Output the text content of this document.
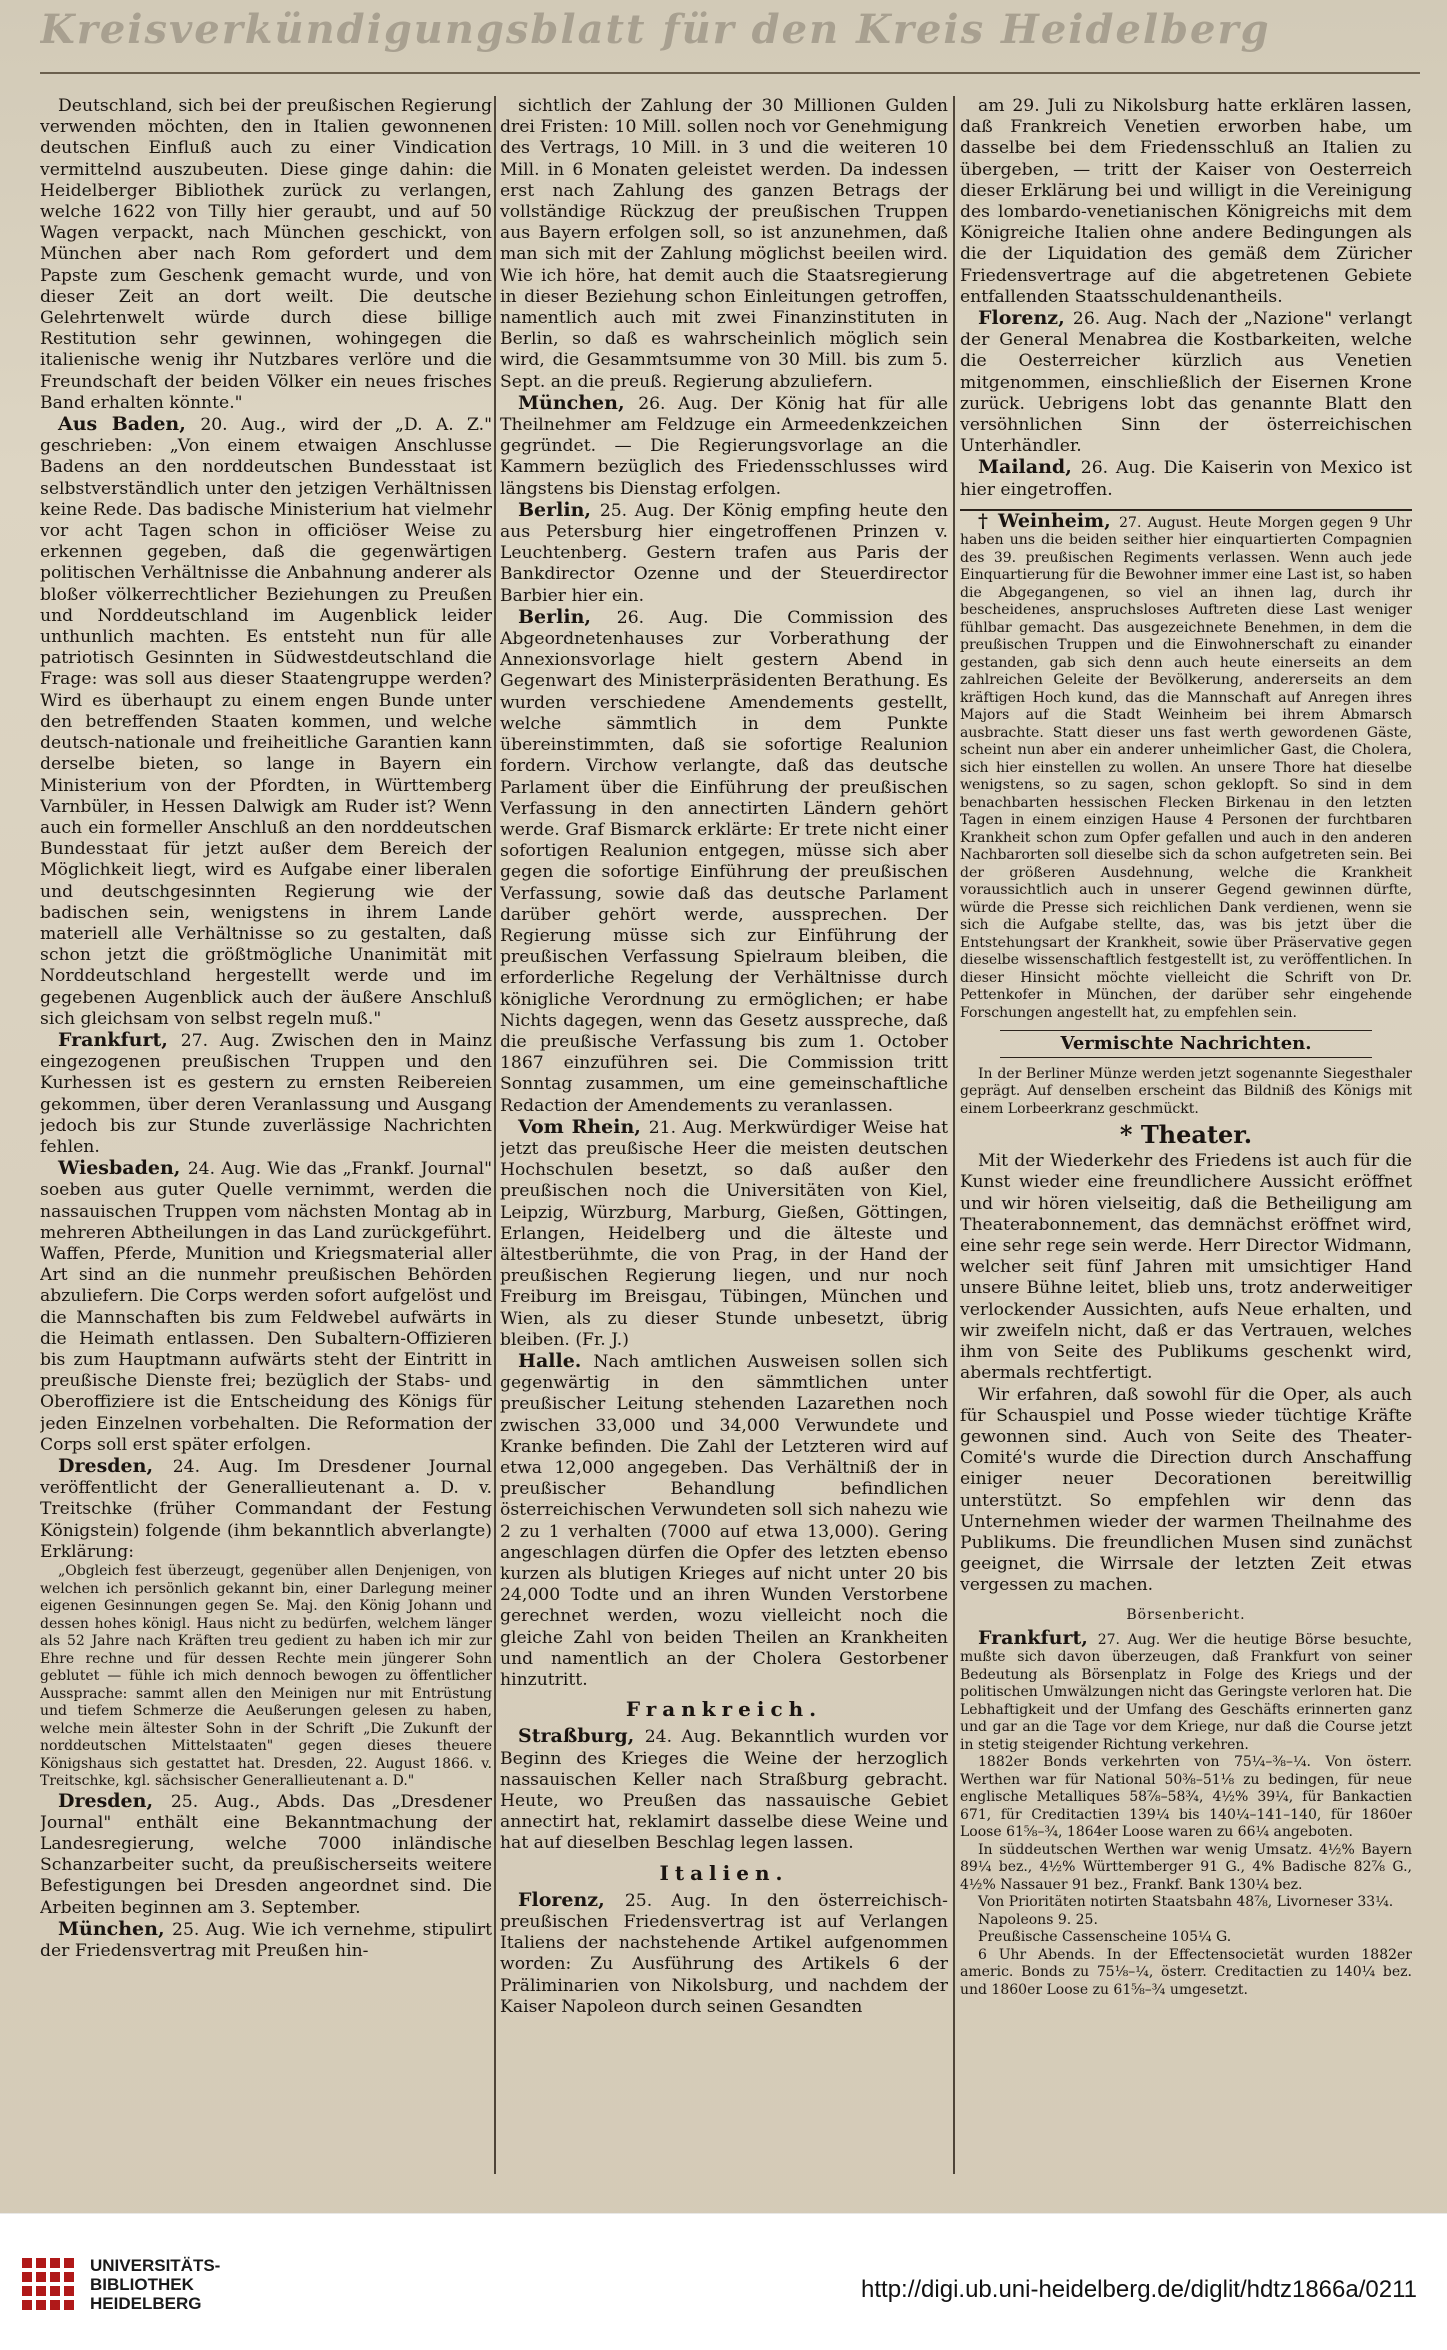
Kreisverkündigungsblatt für den Kreis Heidelberg

Deutschland, sich bei der preußischen Regierung verwenden möchten, den in Italien gewonnenen deutschen Einfluß auch zu einer Vindication vermittelnd auszubeuten. Diese ginge dahin: die Heidelberger Bibliothek zurück zu verlangen, welche 1622 von Tilly hier geraubt, und auf 50 Wagen verpackt, nach München geschickt, von München aber nach Rom gefordert und dem Papste zum Geschenk gemacht wurde, und von dieser Zeit an dort weilt. Die deutsche Gelehrtenwelt würde durch diese billige Restitution sehr gewinnen, wohingegen die italienische wenig ihr Nutzbares verlöre und die Freundschaft der beiden Völker ein neues frisches Band erhalten könnte."

Aus Baden, 20. Aug., wird der „D. A. Z." geschrieben: „Von einem etwaigen Anschlusse Badens an den norddeutschen Bundesstaat ist selbstverständlich unter den jetzigen Verhältnissen keine Rede. Das badische Ministerium hat vielmehr vor acht Tagen schon in officiöser Weise zu erkennen gegeben, daß die gegenwärtigen politischen Verhältnisse die Anbahnung anderer als bloßer völkerrechtlicher Beziehungen zu Preußen und Norddeutschland im Augenblick leider unthunlich machten. Es entsteht nun für alle patriotisch Gesinnten in Südwestdeutschland die Frage: was soll aus dieser Staatengruppe werden? Wird es überhaupt zu einem engen Bunde unter den betreffenden Staaten kommen, und welche deutsch-nationale und freiheitliche Garantien kann derselbe bieten, so lange in Bayern ein Ministerium von der Pfordten, in Württemberg Varnbüler, in Hessen Dalwigk am Ruder ist? Wenn auch ein formeller Anschluß an den norddeutschen Bundesstaat für jetzt außer dem Bereich der Möglichkeit liegt, wird es Aufgabe einer liberalen und deutschgesinnten Regierung wie der badischen sein, wenigstens in ihrem Lande materiell alle Verhältnisse so zu gestalten, daß schon jetzt die größtmögliche Unanimität mit Norddeutschland hergestellt werde und im gegebenen Augenblick auch der äußere Anschluß sich gleichsam von selbst regeln muß."

Frankfurt, 27. Aug. Zwischen den in Mainz eingezogenen preußischen Truppen und den Kurhessen ist es gestern zu ernsten Reibereien gekommen, über deren Veranlassung und Ausgang jedoch bis zur Stunde zuverlässige Nachrichten fehlen.

Wiesbaden, 24. Aug. Wie das „Frankf. Journal" soeben aus guter Quelle vernimmt, werden die nassauischen Truppen vom nächsten Montag ab in mehreren Abtheilungen in das Land zurückgeführt. Waffen, Pferde, Munition und Kriegsmaterial aller Art sind an die nunmehr preußischen Behörden abzuliefern. Die Corps werden sofort aufgelöst und die Mannschaften bis zum Feldwebel aufwärts in die Heimath entlassen. Den Subaltern-Offizieren bis zum Hauptmann aufwärts steht der Eintritt in preußische Dienste frei; bezüglich der Stabs- und Oberoffiziere ist die Entscheidung des Königs für jeden Einzelnen vorbehalten. Die Reformation der Corps soll erst später erfolgen.

Dresden, 24. Aug. Im Dresdener Journal veröffentlicht der Generallieutenant a. D. v. Treitschke (früher Commandant der Festung Königstein) folgende (ihm bekanntlich abverlangte) Erklärung:

„Obgleich fest überzeugt, gegenüber allen Denjenigen, von welchen ich persönlich gekannt bin, einer Darlegung meiner eigenen Gesinnungen gegen Se. Maj. den König Johann und dessen hohes königl. Haus nicht zu bedürfen, welchem länger als 52 Jahre nach Kräften treu gedient zu haben ich mir zur Ehre rechne und für dessen Rechte mein jüngerer Sohn geblutet — fühle ich mich dennoch bewogen zu öffentlicher Aussprache: sammt allen den Meinigen nur mit Entrüstung und tiefem Schmerze die Aeußerungen gelesen zu haben, welche mein ältester Sohn in der Schrift „Die Zukunft der norddeutschen Mittelstaaten" gegen dieses theuere Königshaus sich gestattet hat. Dresden, 22. August 1866. v. Treitschke, kgl. sächsischer Generallieutenant a. D."

Dresden, 25. Aug., Abds. Das „Dresdener Journal" enthält eine Bekanntmachung der Landesregierung, welche 7000 inländische Schanzarbeiter sucht, da preußischerseits weitere Befestigungen bei Dresden angeordnet sind. Die Arbeiten beginnen am 3. September.

München, 25. Aug. Wie ich vernehme, stipulirt der Friedensvertrag mit Preußen hin-

sichtlich der Zahlung der 30 Millionen Gulden drei Fristen: 10 Mill. sollen noch vor Genehmigung des Vertrags, 10 Mill. in 3 und die weiteren 10 Mill. in 6 Monaten geleistet werden. Da indessen erst nach Zahlung des ganzen Betrags der vollständige Rückzug der preußischen Truppen aus Bayern erfolgen soll, so ist anzunehmen, daß man sich mit der Zahlung möglichst beeilen wird. Wie ich höre, hat demit auch die Staatsregierung in dieser Beziehung schon Einleitungen getroffen, namentlich auch mit zwei Finanzinstituten in Berlin, so daß es wahrscheinlich möglich sein wird, die Gesammtsumme von 30 Mill. bis zum 5. Sept. an die preuß. Regierung abzuliefern.

München, 26. Aug. Der König hat für alle Theilnehmer am Feldzuge ein Armeedenkzeichen gegründet. — Die Regierungsvorlage an die Kammern bezüglich des Friedensschlusses wird längstens bis Dienstag erfolgen.

Berlin, 25. Aug. Der König empfing heute den aus Petersburg hier eingetroffenen Prinzen v. Leuchtenberg. Gestern trafen aus Paris der Bankdirector Ozenne und der Steuerdirector Barbier hier ein.

Berlin, 26. Aug. Die Commission des Abgeordnetenhauses zur Vorberathung der Annexionsvorlage hielt gestern Abend in Gegenwart des Ministerpräsidenten Berathung. Es wurden verschiedene Amendements gestellt, welche sämmtlich in dem Punkte übereinstimmten, daß sie sofortige Realunion fordern. Virchow verlangte, daß das deutsche Parlament über die Einführung der preußischen Verfassung in den annectirten Ländern gehört werde. Graf Bismarck erklärte: Er trete nicht einer sofortigen Realunion entgegen, müsse sich aber gegen die sofortige Einführung der preußischen Verfassung, sowie daß das deutsche Parlament darüber gehört werde, aussprechen. Der Regierung müsse sich zur Einführung der preußischen Verfassung Spielraum bleiben, die erforderliche Regelung der Verhältnisse durch königliche Verordnung zu ermöglichen; er habe Nichts dagegen, wenn das Gesetz ausspreche, daß die preußische Verfassung bis zum 1. October 1867 einzuführen sei. Die Commission tritt Sonntag zusammen, um eine gemeinschaftliche Redaction der Amendements zu veranlassen.

Vom Rhein, 21. Aug. Merkwürdiger Weise hat jetzt das preußische Heer die meisten deutschen Hochschulen besetzt, so daß außer den preußischen noch die Universitäten von Kiel, Leipzig, Würzburg, Marburg, Gießen, Göttingen, Erlangen, Heidelberg und die älteste und ältestberühmte, die von Prag, in der Hand der preußischen Regierung liegen, und nur noch Freiburg im Breisgau, Tübingen, München und Wien, als zu dieser Stunde unbesetzt, übrig bleiben. (Fr. J.)

Halle. Nach amtlichen Ausweisen sollen sich gegenwärtig in den sämmtlichen unter preußischer Leitung stehenden Lazarethen noch zwischen 33,000 und 34,000 Verwundete und Kranke befinden. Die Zahl der Letzteren wird auf etwa 12,000 angegeben. Das Verhältniß der in preußischer Behandlung befindlichen österreichischen Verwundeten soll sich nahezu wie 2 zu 1 verhalten (7000 auf etwa 13,000). Gering angeschlagen dürfen die Opfer des letzten ebenso kurzen als blutigen Krieges auf nicht unter 20 bis 24,000 Todte und an ihren Wunden Verstorbene gerechnet werden, wozu vielleicht noch die gleiche Zahl von beiden Theilen an Krankheiten und namentlich an der Cholera Gestorbener hinzutritt.

Frankreich.

Straßburg, 24. Aug. Bekanntlich wurden vor Beginn des Krieges die Weine der herzoglich nassauischen Keller nach Straßburg gebracht. Heute, wo Preußen das nassauische Gebiet annectirt hat, reklamirt dasselbe diese Weine und hat auf dieselben Beschlag legen lassen.

Italien.

Florenz, 25. Aug. In den österreichisch-preußischen Friedensvertrag ist auf Verlangen Italiens der nachstehende Artikel aufgenommen worden: Zu Ausführung des Artikels 6 der Präliminarien von Nikolsburg, und nachdem der Kaiser Napoleon durch seinen Gesandten

am 29. Juli zu Nikolsburg hatte erklären lassen, daß Frankreich Venetien erworben habe, um dasselbe bei dem Friedensschluß an Italien zu übergeben, — tritt der Kaiser von Oesterreich dieser Erklärung bei und willigt in die Vereinigung des lombardo-venetianischen Königreichs mit dem Königreiche Italien ohne andere Bedingungen als die der Liquidation des gemäß dem Züricher Friedensvertrage auf die abgetretenen Gebiete entfallenden Staatsschuldenantheils.

Florenz, 26. Aug. Nach der „Nazione" verlangt der General Menabrea die Kostbarkeiten, welche die Oesterreicher kürzlich aus Venetien mitgenommen, einschließlich der Eisernen Krone zurück. Uebrigens lobt das genannte Blatt den versöhnlichen Sinn der österreichischen Unterhändler.

Mailand, 26. Aug. Die Kaiserin von Mexico ist hier eingetroffen.

† Weinheim, 27. August. Heute Morgen gegen 9 Uhr haben uns die beiden seither hier einquartierten Compagnien des 39. preußischen Regiments verlassen. Wenn auch jede Einquartierung für die Bewohner immer eine Last ist, so haben die Abgegangenen, so viel an ihnen lag, durch ihr bescheidenes, anspruchsloses Auftreten diese Last weniger fühlbar gemacht. Das ausgezeichnete Benehmen, in dem die preußischen Truppen und die Einwohnerschaft zu einander gestanden, gab sich denn auch heute einerseits an dem zahlreichen Geleite der Bevölkerung, andererseits an dem kräftigen Hoch kund, das die Mannschaft auf Anregen ihres Majors auf die Stadt Weinheim bei ihrem Abmarsch ausbrachte. Statt dieser uns fast werth gewordenen Gäste, scheint nun aber ein anderer unheimlicher Gast, die Cholera, sich hier einstellen zu wollen. An unsere Thore hat dieselbe wenigstens, so zu sagen, schon geklopft. So sind in dem benachbarten hessischen Flecken Birkenau in den letzten Tagen in einem einzigen Hause 4 Personen der furchtbaren Krankheit schon zum Opfer gefallen und auch in den anderen Nachbarorten soll dieselbe sich da schon aufgetreten sein. Bei der größeren Ausdehnung, welche die Krankheit voraussichtlich auch in unserer Gegend gewinnen dürfte, würde die Presse sich reichlichen Dank verdienen, wenn sie sich die Aufgabe stellte, das, was bis jetzt über die Entstehungsart der Krankheit, sowie über Präservative gegen dieselbe wissenschaftlich festgestellt ist, zu veröffentlichen. In dieser Hinsicht möchte vielleicht die Schrift von Dr. Pettenkofer in München, der darüber sehr eingehende Forschungen angestellt hat, zu empfehlen sein.

Vermischte Nachrichten.

In der Berliner Münze werden jetzt sogenannte Siegesthaler geprägt. Auf denselben erscheint das Bildniß des Königs mit einem Lorbeerkranz geschmückt.

* Theater.

Mit der Wiederkehr des Friedens ist auch für die Kunst wieder eine freundlichere Aussicht eröffnet und wir hören vielseitig, daß die Betheiligung am Theaterabonnement, das demnächst eröffnet wird, eine sehr rege sein werde. Herr Director Widmann, welcher seit fünf Jahren mit umsichtiger Hand unsere Bühne leitet, blieb uns, trotz anderweitiger verlockender Aussichten, aufs Neue erhalten, und wir zweifeln nicht, daß er das Vertrauen, welches ihm von Seite des Publikums geschenkt wird, abermals rechtfertigt.

Wir erfahren, daß sowohl für die Oper, als auch für Schauspiel und Posse wieder tüchtige Kräfte gewonnen sind. Auch von Seite des Theater-Comité's wurde die Direction durch Anschaffung einiger neuer Decorationen bereitwillig unterstützt. So empfehlen wir denn das Unternehmen wieder der warmen Theilnahme des Publikums. Die freundlichen Musen sind zunächst geeignet, die Wirrsale der letzten Zeit etwas vergessen zu machen.

Börsenbericht.

Frankfurt, 27. Aug. Wer die heutige Börse besuchte, mußte sich davon überzeugen, daß Frankfurt von seiner Bedeutung als Börsenplatz in Folge des Kriegs und der politischen Umwälzungen nicht das Geringste verloren hat. Die Lebhaftigkeit und der Umfang des Geschäfts erinnerten ganz und gar an die Tage vor dem Kriege, nur daß die Course jetzt in stetig steigender Richtung verkehren.

1882er Bonds verkehrten von 75¼–⅜–¼. Von österr. Werthen war für National 50⅜–51⅛ zu bedingen, für neue englische Metalliques 58⅞–58¾, 4½% 39¼, für Bankactien 671, für Creditactien 139¼ bis 140¼–141–140, für 1860er Loose 61⅝–¾, 1864er Loose waren zu 66¼ angeboten.

In süddeutschen Werthen war wenig Umsatz. 4½% Bayern 89¼ bez., 4½% Württemberger 91 G., 4% Badische 82⅞ G., 4½% Nassauer 91 bez., Frankf. Bank 130¼ bez.

Von Prioritäten notirten Staatsbahn 48⅞, Livorneser 33¼.

Napoleons 9. 25.

Preußische Cassenscheine 105¼ G.

6 Uhr Abends. In der Effectensocietät wurden 1882er americ. Bonds zu 75⅛–¼, österr. Creditactien zu 140¼ bez. und 1860er Loose zu 61⅝–¾ umgesetzt.

UNIVERSITÄTS-
BIBLIOTHEK
HEIDELBERG
http://digi.ub.uni-heidelberg.de/diglit/hdtz1866a/0211
